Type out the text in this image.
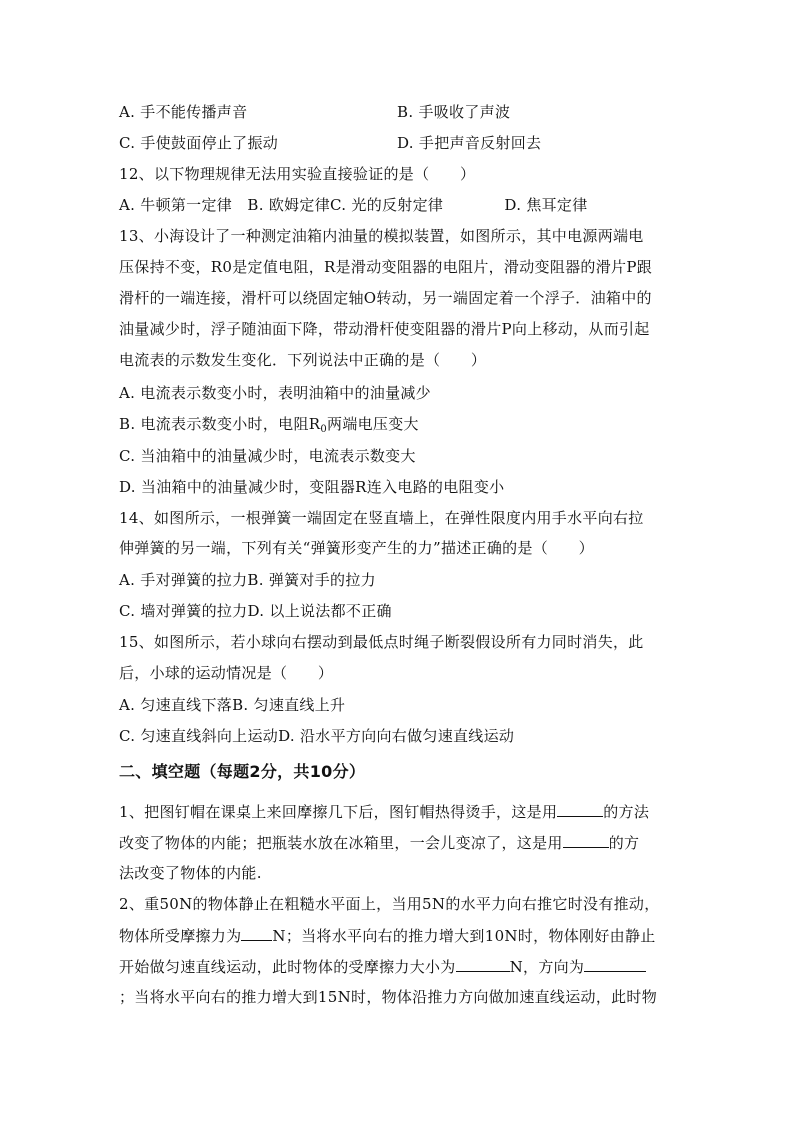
A. 手不能传播声音	B. 手吸收了声波
C. 手使鼓面停止了振动	D. 手把声音反射回去
12、以下物理规律无法用实验直接验证的是（　　）
A. 牛顿第一定律　B. 欧姆定律C. 光的反射定律　　　　D. 焦耳定律
13、小海设计了一种测定油箱内油量的模拟装置，如图所示，其中电源两端电
压保持不变，R0是定值电阻，R是滑动变阻器的电阻片，滑动变阻器的滑片P跟
滑杆的一端连接，滑杆可以绕固定轴O转动，另一端固定着一个浮子．油箱中的
油量减少时，浮子随油面下降，带动滑杆使变阻器的滑片P向上移动，从而引起
电流表的示数发生变化．下列说法中正确的是（　　）
A. 电流表示数变小时，表明油箱中的油量减少
B. 电流表示数变小时，电阻$R_0$两端电压变大
C. 当油箱中的油量减少时，电流表示数变大
D. 当油箱中的油量减少时，变阻器R连入电路的电阻变小
14、如图所示，一根弹簧一端固定在竖直墙上，在弹性限度内用手水平向右拉
伸弹簧的另一端，下列有关“弹簧形变产生的力”描述正确的是（　　）
A. 手对弹簧的拉力B. 弹簧对手的拉力
C. 墙对弹簧的拉力D. 以上说法都不正确
15、如图所示，若小球向右摆动到最低点时绳子断裂假设所有力同时消失，此
后，小球的运动情况是（　　）
A. 匀速直线下落B. 匀速直线上升
C. 匀速直线斜向上运动D. 沿水平方向向右做匀速直线运动
二、填空题（每题2分，共10分）
1、把图钉帽在课桌上来回摩擦几下后，图钉帽热得烫手，这是用	的方法
改变了物体的内能；把瓶装水放在冰箱里，一会儿变凉了，这是用	的方
法改变了物体的内能.
2、重50N的物体静止在粗糙水平面上，当用5N的水平力向右推它时没有推动，
物体所受摩擦力为 N；当将水平向右的推力增大到10N时，物体刚好由静止
开始做匀速直线运动，此时物体的受摩擦力大小为	N，方向为
；当将水平向右的推力增大到15N时，物体沿推力方向做加速直线运动，此时物
